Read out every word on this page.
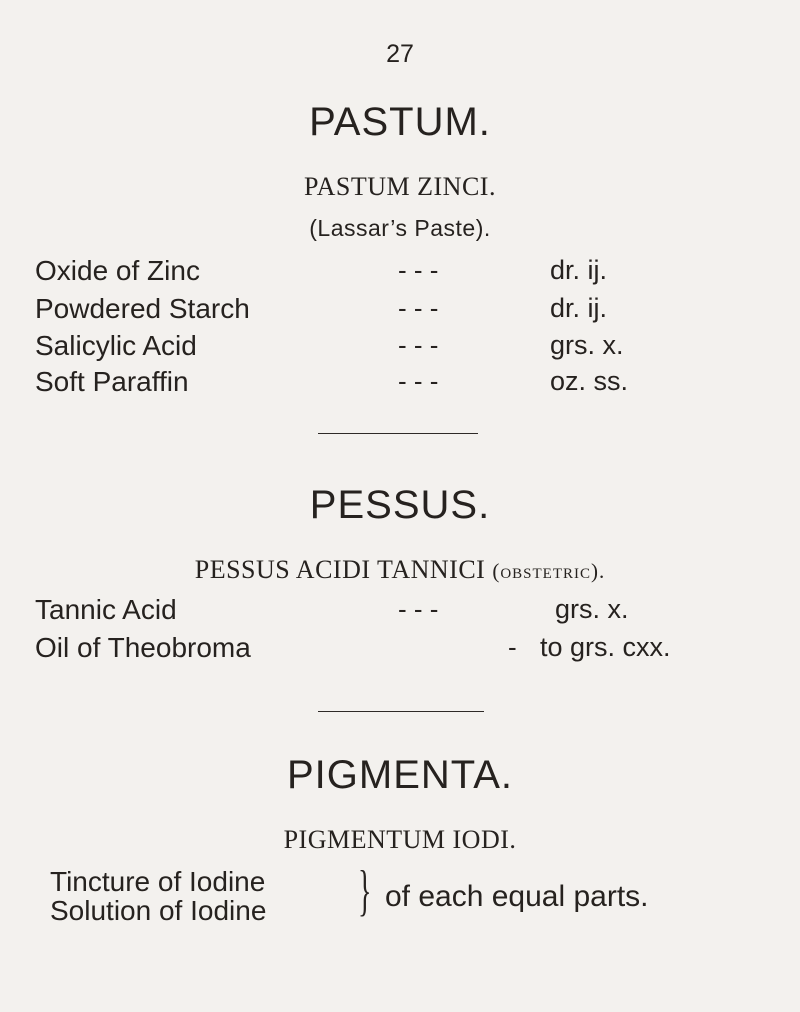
27
PASTUM.
PASTUM ZINCI.
(Lassar’s Paste).
Oxide of Zinc	- - -	dr. ij.
Powdered Starch	- - -	dr. ij.
Salicylic Acid	- - -	grs. x.
Soft Paraffin	- - -	oz. ss.
PESSUS.
PESSUS ACIDI TANNICI (obstetric).
Tannic Acid	- - -	grs. x.
Oil of Theobroma	- to grs. cxx.
PIGMENTA.
PIGMENTUM IODI.
Tincture of Iodine
Solution of Iodine } of each equal parts.
